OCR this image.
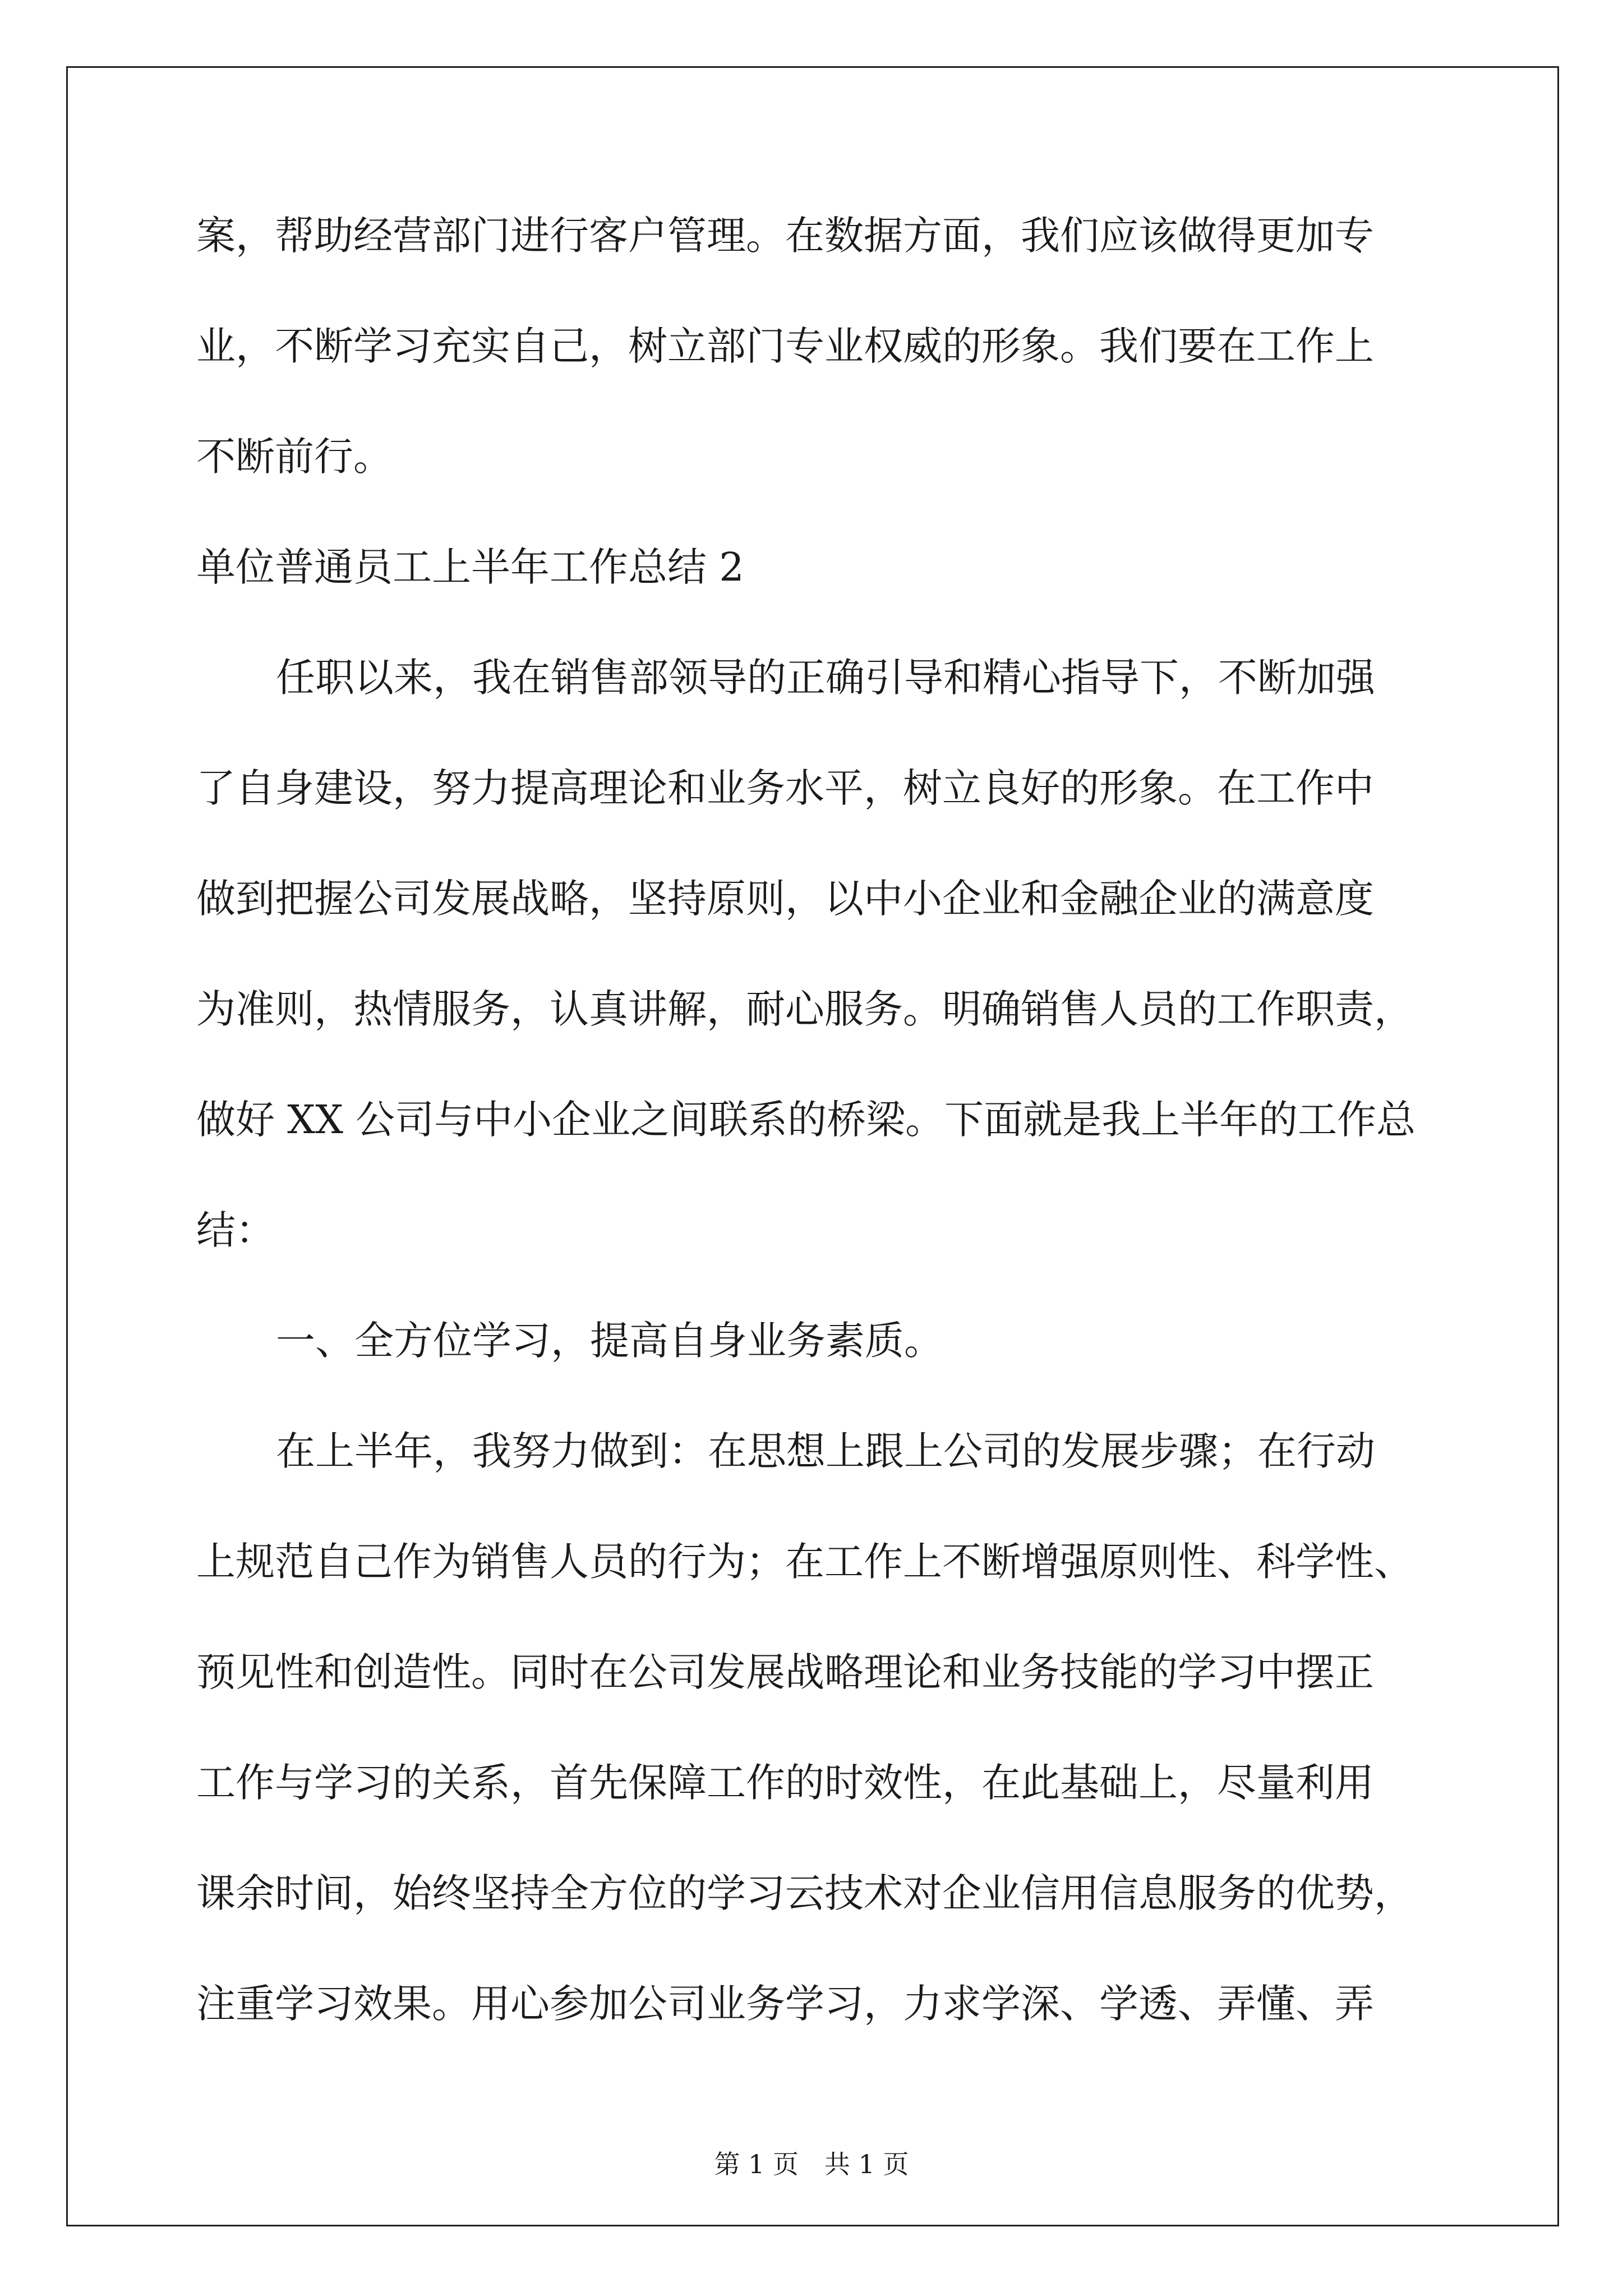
案，帮助经营部门进行客户管理。在数据方面，我们应该做得更加专
业，不断学习充实自己，树立部门专业权威的形象。我们要在工作上
不断前行。
单位普通员工上半年工作总结 2
任职以来，我在销售部领导的正确引导和精心指导下，不断加强
了自身建设，努力提高理论和业务水平，树立良好的形象。在工作中
做到把握公司发展战略，坚持原则，以中小企业和金融企业的满意度
为准则，热情服务，认真讲解，耐心服务。明确销售人员的工作职责，
做好 XX 公司与中小企业之间联系的桥梁。下面就是我上半年的工作总
结：
一、全方位学习，提高自身业务素质。
在上半年，我努力做到：在思想上跟上公司的发展步骤；在行动
上规范自己作为销售人员的行为；在工作上不断增强原则性、科学性、
预见性和创造性。同时在公司发展战略理论和业务技能的学习中摆正
工作与学习的关系，首先保障工作的时效性，在此基础上，尽量利用
课余时间，始终坚持全方位的学习云技术对企业信用信息服务的优势，
注重学习效果。用心参加公司业务学习，力求学深、学透、弄懂、弄
第 1 页　共 1 页
